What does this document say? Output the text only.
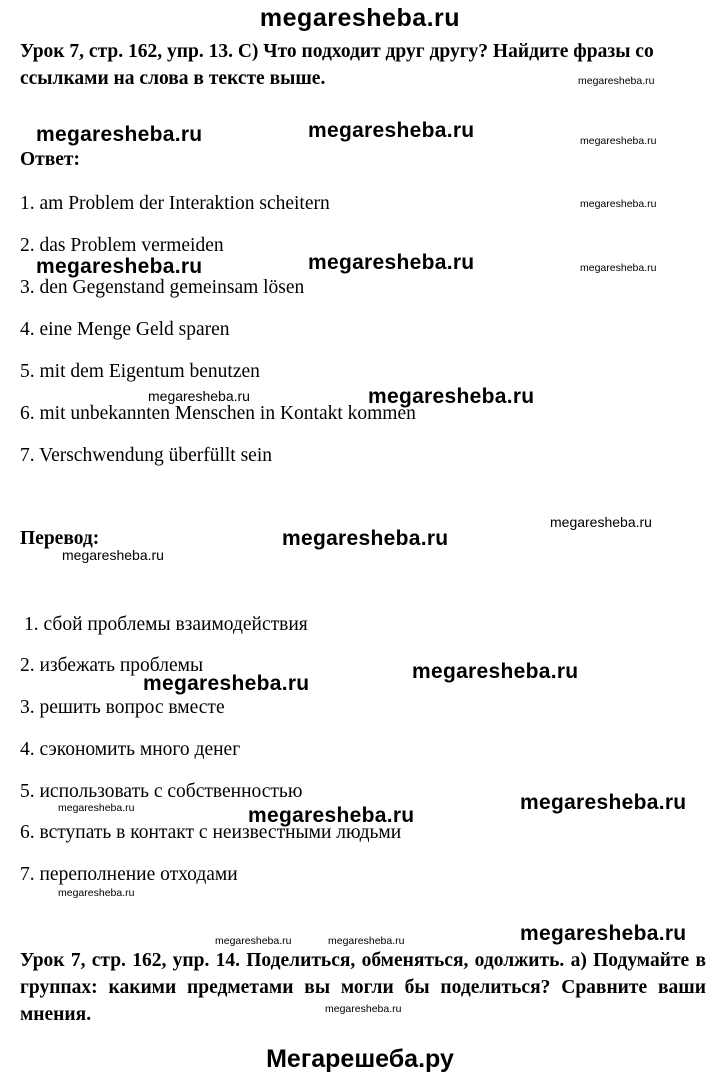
megaresheba.ru
Урок 7, стр. 162, упр. 13. C) Что подходит друг другу? Найдите фразы со ссылками на слова в тексте выше.
Ответ:
1. am Problem der Interaktion scheitern
2. das Problem vermeiden
3. den Gegenstand gemeinsam lösen
4. eine Menge Geld sparen
5. mit dem Eigentum benutzen
6. mit unbekannten Menschen in Kontakt kommen
7. Verschwendung überfüllt sein
Перевод:
1. сбой проблемы взаимодействия
2. избежать проблемы
3. решить вопрос вместе
4. сэкономить много денег
5. использовать с собственностью
6. вступать в контакт с неизвестными людьми
7. переполнение отходами
Урок 7, стр. 162, упр. 14. Поделиться, обменяться, одолжить. а) Подумайте в группах: какими предметами вы могли бы поделиться? Сравните ваши мнения.
Мегарешеба.ру
megaresheba.ru
megaresheba.ru	megaresheba.ru	megaresheba.ru
megaresheba.ru
megaresheba.ru	megaresheba.ru	megaresheba.ru
megaresheba.ru	megaresheba.ru
megaresheba.ru
megaresheba.ru
megaresheba.ru
megaresheba.ru
megaresheba.ru
megaresheba.ru
megaresheba.ru
megaresheba.ru
megaresheba.ru
megaresheba.ru
megaresheba.ru	megaresheba.ru
megaresheba.ru
